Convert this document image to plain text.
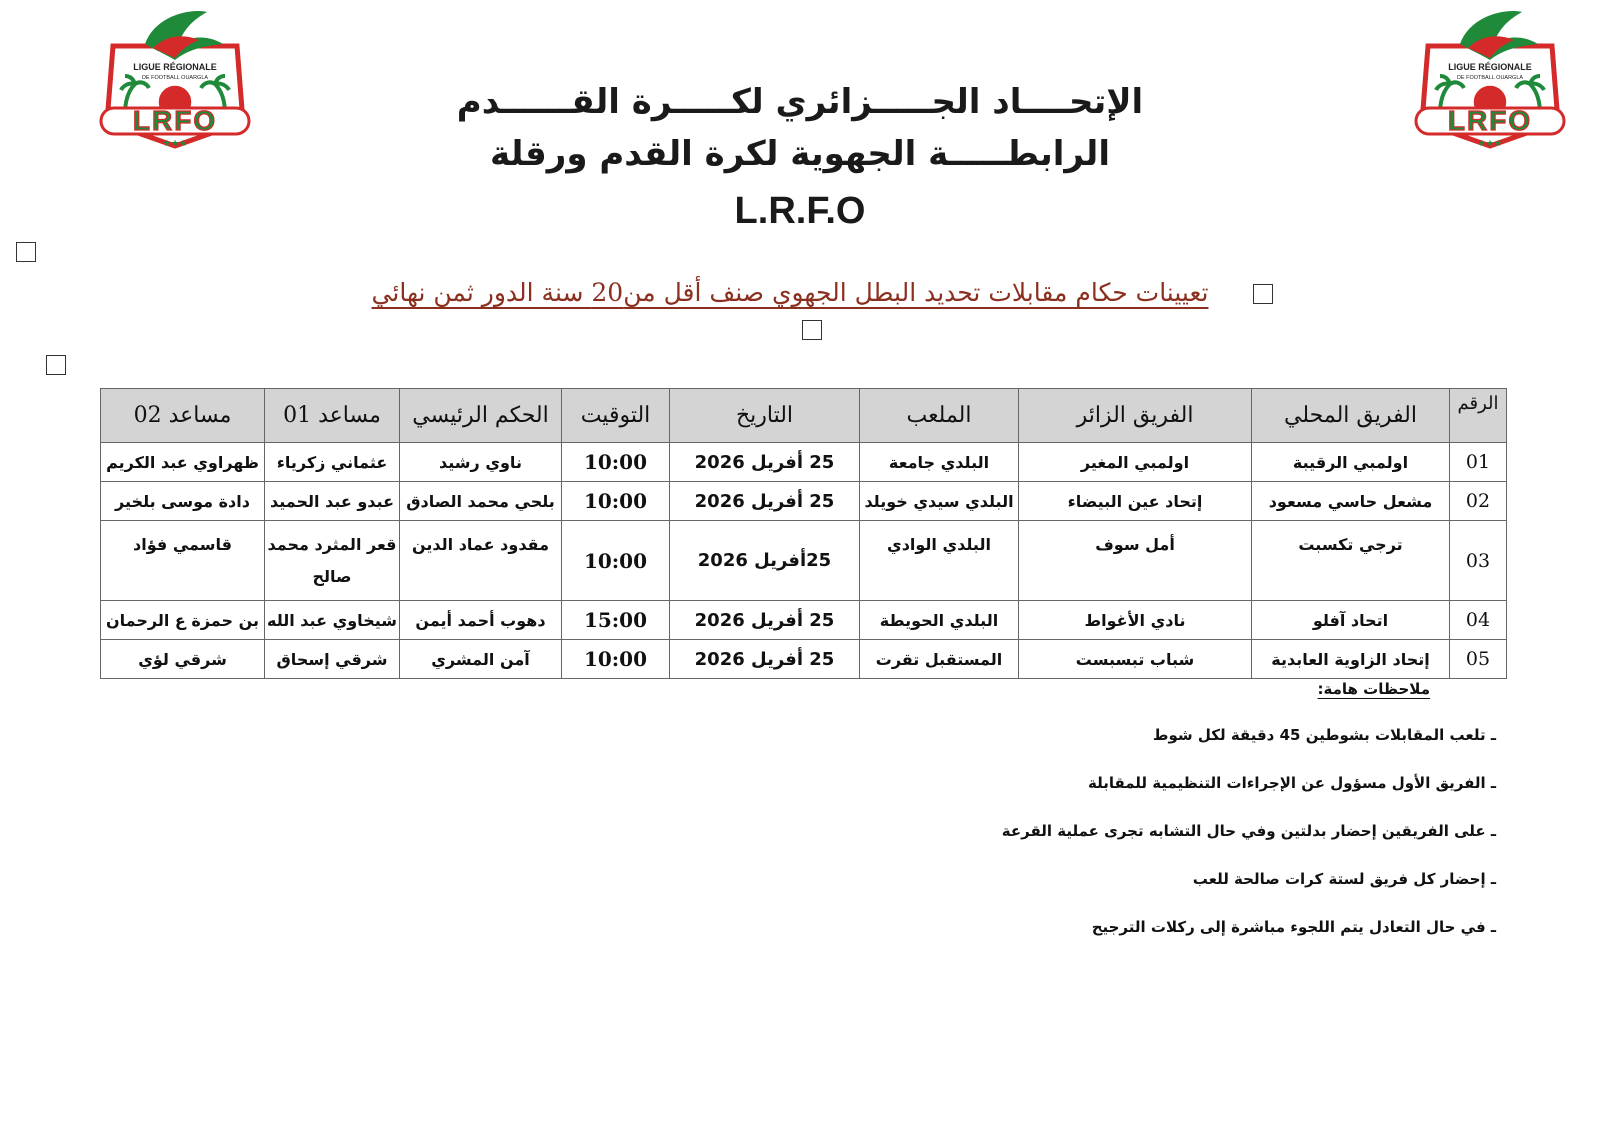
LIGUE RÉGIONALE
DE FOOTBALL OUARGLA
LRFO
★★★
LIGUE RÉGIONALE
DE FOOTBALL OUARGLA
LRFO
★★★
الإتحــــاد الجـــــزائري لكـــــرة القــــــدم
الرابطـــــة الجهوية لكرة القدم ورقلة
L.R.F.O
تعيينات حكام مقابلات تحديد البطل الجهوي صنف أقل من20 سنة الدور ثمن نهائي
الرقم	الفريق المحلي	الفريق الزائر	الملعب	التاريخ	التوقيت	الحكم الرئيسي	مساعد 01	مساعد 02
01	اولمبي الرقيبة	اولمبي المغير	البلدي جامعة	25 أفريل 2026	10:00	ناوي رشيد	عثماني زكرياء	ظهراوي عبد الكريم
02	مشعل حاسي مسعود	إتحاد عين البيضاء	البلدي سيدي خويلد	25 أفريل 2026	10:00	بلحي محمد الصادق	عبدو عبد الحميد	دادة موسى بلخير
03	ترجي تكسبت	أمل سوف	البلدي الوادي	25أفريل 2026	10:00	مقدود عماد الدين	قعر المثرد محمد صالح	قاسمي فؤاد
04	اتحاد آفلو	نادي الأغواط	البلدي الحويطة	25 أفريل 2026	15:00	دهوب أحمد أيمن	شيخاوي عبد الله	بن حمزة ع الرحمان
05	إتحاد الزاوية العابدية	شباب تبسبست	المستقبل تقرت	25 أفريل 2026	10:00	آمن المشري	شرقي إسحاق	شرقي لؤي
ملاحظات هامة:
ـ تلعب المقابلات بشوطين 45 دقيقة لكل شوط
ـ الفريق الأول مسؤول عن الإجراءات التنظيمية للمقابلة
ـ على الفريقين إحضار بدلتين وفي حال التشابه تجرى عملية القرعة
ـ إحضار كل فريق لستة كرات صالحة للعب
ـ في حال التعادل يتم اللجوء مباشرة إلى ركلات الترجيح
